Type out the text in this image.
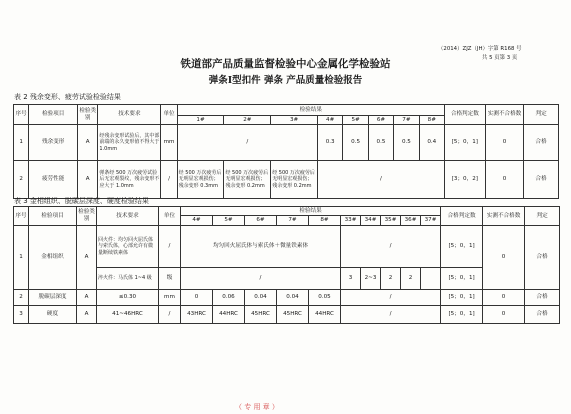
（2014）ZJZ（JH）字第 R168 号
共 5 页第 3 页
铁道部产品质量监督检验中心金属化学检验站
弹条Ⅰ型扣件 弹条 产品质量检验报告
表 2 残余变形、疲劳试验检验结果
序号	检验项目	检验类别	技术要求	单位	检验结果								合格判定数	实测不合格数	判定
					1#	2#	3#	4#	5#	6#	7#	8#			
1	残余变形	A	经残余变形试验后，其中部前端的永久变形值不得大于 1.0mm	mm	/			0.3	0.5	0.5	0.5	0.4	[5；0，1]	0	合格
2	疲劳性能	A	弹条经 500 万次疲劳试验后无宏观裂纹，残余变形不应大于 1.0mm	/	经 500 万次疲劳后无明显宏观损伤；残余变形 0.3mm	经 500 万次疲劳后无明显宏观损伤；残余变形 0.2mm	经 500 万次疲劳后无明显宏观损伤；残余变形 0.2mm	/					[3；0，2]	0	合格
表 3 金相组织、脱碳层深度、硬度检验结果
序号	检验项目	检验类别	技术要求	单位	检验结果										合格判定数	实测不合格数	判定
					4#	5#	6#	7#	8#	33#	34#	35#	36#	37#			
1	金相组织	A	回火件：均匀回火屈氏体与索氏体，心部允许有微量断续铁素体	/	均匀回火屈氏体与索氏体＋微量铁素体					/					[5；0，1]	0	合格
			淬火件：马氏体 1~4 级	级	/					3	2~3	2	2		[5；0，1]		
2	脱碳层深度	A	≤0.30	mm	0	0.06	0.04	0.04	0.05	/					[5；0，1]	0	合格
3	硬度	A	41~46HRC	/	43HRC	44HRC	45HRC	45HRC	44HRC	/					[5；0，1]	0	合格
（ 专 用 章 ）
